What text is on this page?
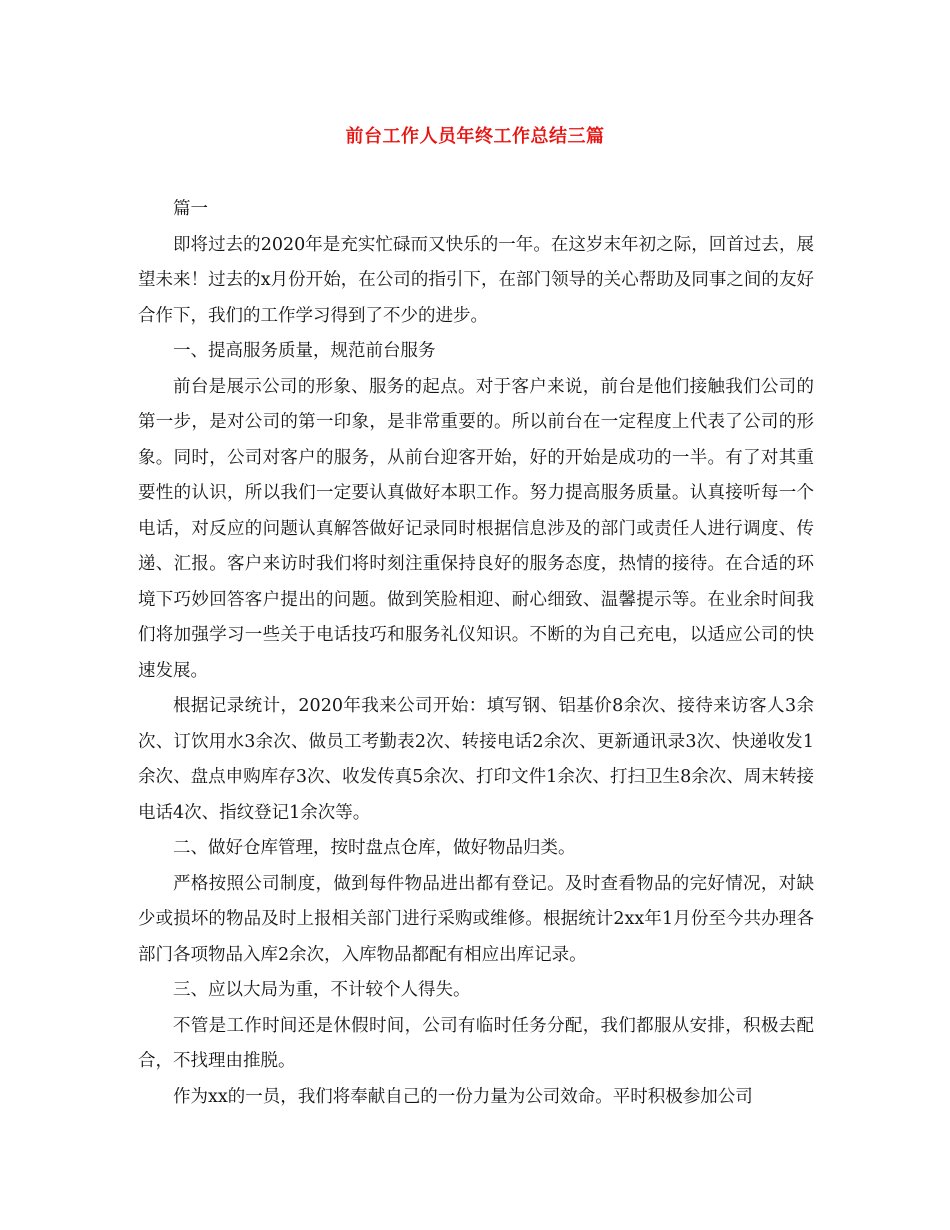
前台工作人员年终工作总结三篇

篇一

即将过去的2020年是充实忙碌而又快乐的一年。在这岁末年初之际，回首过去，展望未来！过去的x月份开始，在公司的指引下，在部门领导的关心帮助及同事之间的友好合作下，我们的工作学习得到了不少的进步。

一、提高服务质量，规范前台服务

前台是展示公司的形象、服务的起点。对于客户来说，前台是他们接触我们公司的第一步，是对公司的第一印象，是非常重要的。所以前台在一定程度上代表了公司的形象。同时，公司对客户的服务，从前台迎客开始，好的开始是成功的一半。有了对其重要性的认识，所以我们一定要认真做好本职工作。努力提高服务质量。认真接听每一个电话，对反应的问题认真解答做好记录同时根据信息涉及的部门或责任人进行调度、传递、汇报。客户来访时我们将时刻注重保持良好的服务态度，热情的接待。在合适的环境下巧妙回答客户提出的问题。做到笑脸相迎、耐心细致、温馨提示等。在业余时间我们将加强学习一些关于电话技巧和服务礼仪知识。不断的为自己充电，以适应公司的快速发展。

根据记录统计，2020年我来公司开始：填写钢、铝基价8余次、接待来访客人3余次、订饮用水3余次、做员工考勤表2次、转接电话2余次、更新通讯录3次、快递收发1余次、盘点申购库存3次、收发传真5余次、打印文件1余次、打扫卫生8余次、周末转接电话4次、指纹登记1余次等。

二、做好仓库管理，按时盘点仓库，做好物品归类。

严格按照公司制度，做到每件物品进出都有登记。及时查看物品的完好情况，对缺少或损坏的物品及时上报相关部门进行采购或维修。根据统计2xx年1月份至今共办理各部门各项物品入库2余次，入库物品都配有相应出库记录。

三、应以大局为重，不计较个人得失。

不管是工作时间还是休假时间，公司有临时任务分配，我们都服从安排，积极去配合，不找理由推脱。

作为xx的一员，我们将奉献自己的一份力量为公司效命。平时积极参加公司
